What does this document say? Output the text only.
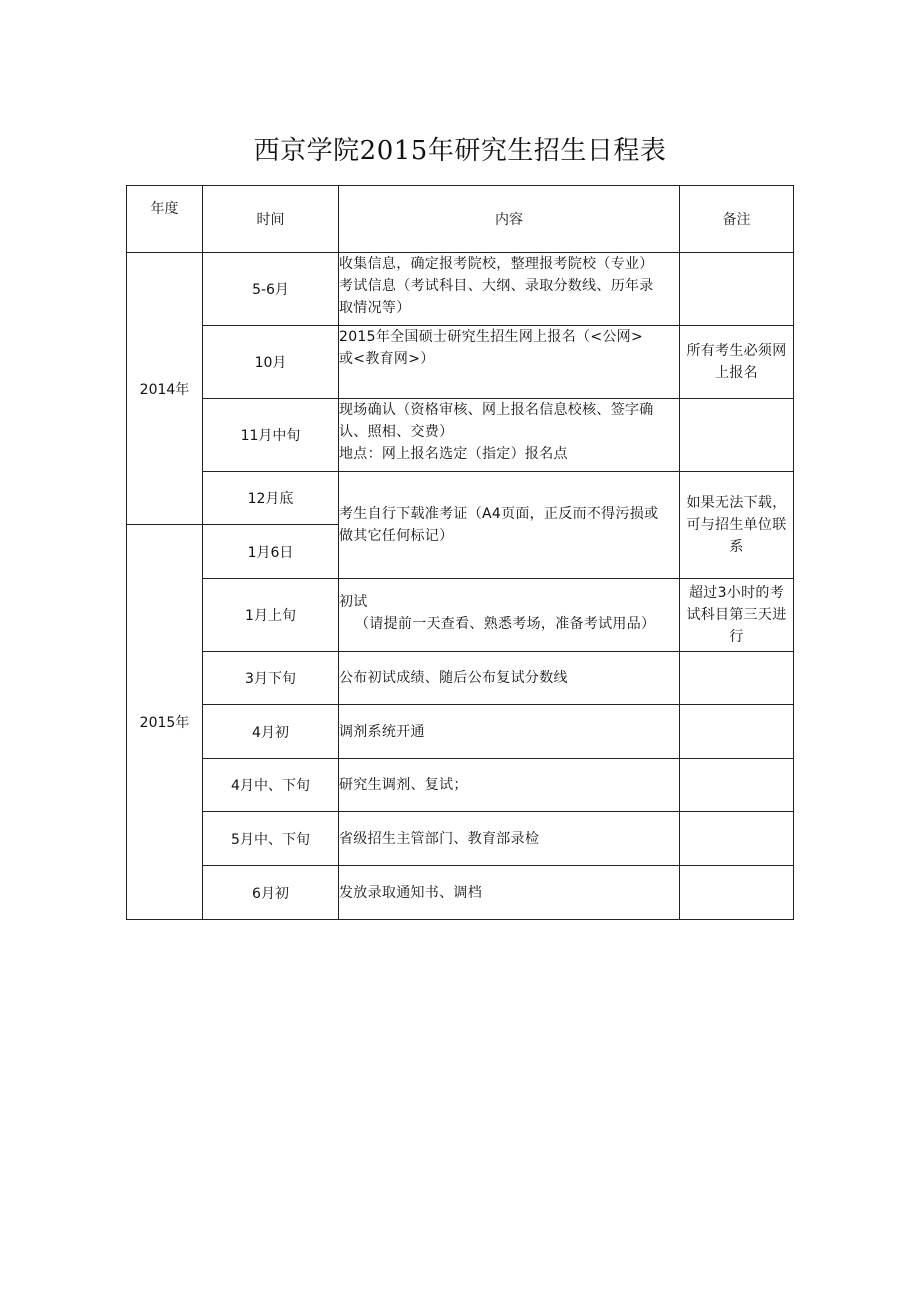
西京学院2015年研究生招生日程表
年度	时间	内容	备注
2014年	5-6月	收集信息，确定报考院校，整理报考院校（专业）
考试信息（考试科目、大纲、录取分数线、历年录
取情况等）	

	10月	2015年全国硕士研究生招生网上报名（<公网>
或<教育网>）	所有考生必须网
上报名

	11月中旬	现场确认（资格审核、网上报名信息校核、签字确
认、照相、交费）
地点：网上报名选定（指定）报名点	

	12月底	考生自行下载准考证（A4页面，正反而不得污损或
做其它任何标记）	如果无法下载，
可与招生单位联
系

2015年	1月6日		
	1月上旬	初试
（请提前一天查看、熟悉考场，准备考试用品）	超过3小时的考
试科目第三天进
行

	3月下旬	公布初试成绩、随后公布复试分数线	
	4月初	调剂系统开通	
	4月中、下旬	研究生调剂、复试；	
	5月中、下旬	省级招生主管部门、教育部录检	
	6月初	发放录取通知书、调档	
